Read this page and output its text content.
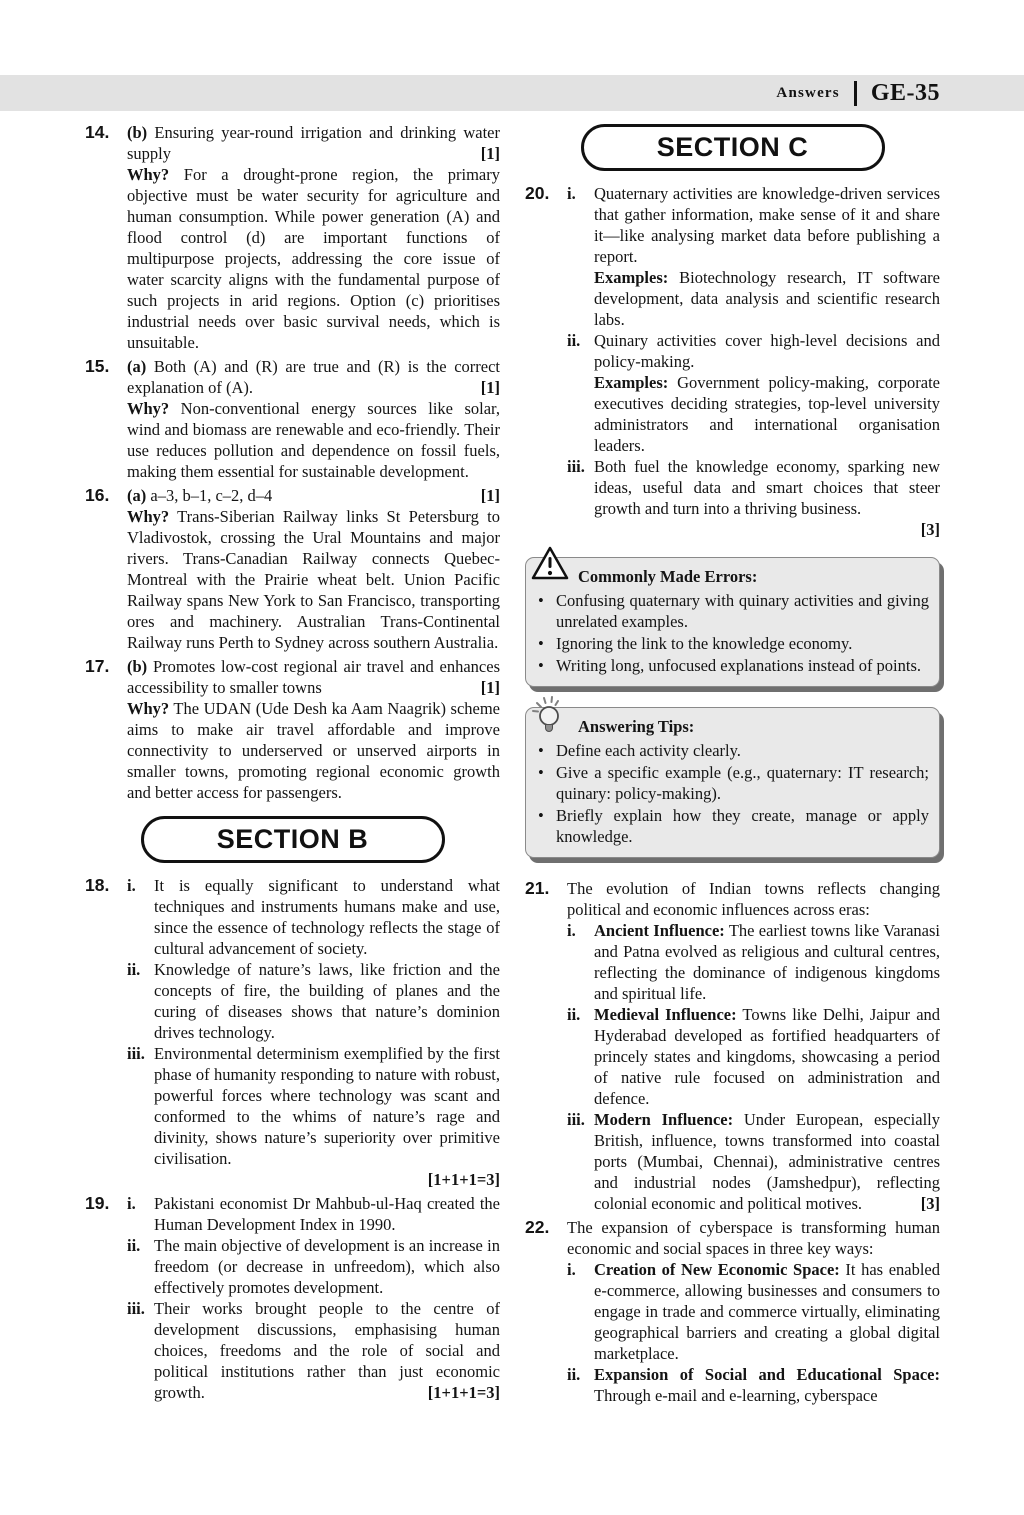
Answers GE-35
14.	(b) Ensuring year-round irrigation and drinking water supply	[1]

Why? For a drought-prone region, the primary objective must be water security for agriculture and human consumption. While power generation (A) and flood control (d) are important functions of multipurpose projects, addressing the core issue of water scarcity aligns with the fundamental purpose of such projects in arid regions. Option (c) prioritises industrial needs over basic survival needs, which is unsuitable.

15.	(a) Both (A) and (R) are true and (R) is the correct explanation of (A).	[1]

Why? Non-conventional energy sources like solar, wind and biomass are renewable and eco-friendly. Their use reduces pollution and dependence on fossil fuels, making them essential for sustainable development.

16.	(a) a–3, b–1, c–2, d–4	[1]

Why? Trans-Siberian Railway links St Petersburg to Vladivostok, crossing the Ural Mountains and major rivers. Trans-Canadian Railway connects Quebec-Montreal with the Prairie wheat belt. Union Pacific Railway spans New York to San Francisco, transporting ores and machinery. Australian Trans-Continental Railway runs Perth to Sydney across southern Australia.

17.	(b) Promotes low-cost regional air travel and enhances accessibility to smaller towns	[1]

Why? The UDAN (Ude Desh ka Aam Naagrik) scheme aims to make air travel affordable and improve connectivity to underserved or unserved airports in smaller towns, promoting regional economic growth and better access for passengers.

SECTION B
18.	i.	It is equally significant to understand what techniques and instruments humans make and use, since the essence of technology reflects the stage of cultural advancement of society.
ii. Knowledge of nature’s laws, like friction and the concepts of fire, the building of planes and the curing of diseases shows that nature’s dominion drives technology.
iii. Environmental determinism exemplified by the first phase of humanity responding to nature with robust, powerful forces where technology was scant and conformed to the whims of nature’s rage and divinity, shows nature’s superiority over primitive civilisation.
[1+1+1=3]
19.	i.	Pakistani economist Dr Mahbub-ul-Haq created the Human Development Index in 1990.
ii. The main objective of development is an increase in freedom (or decrease in unfreedom), which also effectively promotes development.
iii. Their works brought people to the centre of development discussions, emphasising human choices, freedoms and the role of social and political institutions rather than just economic growth.	[1+1+1=3]
SECTION C
20.	i.	Quaternary activities are knowledge-driven services that gather information, make sense of it and share it—like analysing market data before publishing a report.

Examples: Biotechnology research, IT software development, data analysis and scientific research labs.

ii. Quinary activities cover high-level decisions and policy-making.

Examples: Government policy-making, corporate executives deciding strategies, top-level university administrators and international organisation leaders.

iii. Both fuel the knowledge economy, sparking new ideas, useful data and smart choices that steer growth and turn into a thriving business.
[3]
Commonly Made Errors:
• Confusing quaternary with quinary activities and giving unrelated examples.
• Ignoring the link to the knowledge economy.
• Writing long, unfocused explanations instead of points.
Answering Tips:
• Define each activity clearly.
• Give a specific example (e.g., quaternary: IT research; quinary: policy-making).
• Briefly explain how they create, manage or apply knowledge.
21.	The evolution of Indian towns reflects changing political and economic influences across eras:

i.	Ancient Influence: The earliest towns like Varanasi and Patna evolved as religious and cultural centres, reflecting the dominance of indigenous kingdoms and spiritual life.
ii. Medieval Influence: Towns like Delhi, Jaipur and Hyderabad developed as fortified headquarters of princely states and kingdoms, showcasing a period of native rule focused on administration and defence.
iii. Modern Influence: Under European, especially British, influence, towns transformed into coastal ports (Mumbai, Chennai), administrative centres and industrial nodes (Jamshedpur), reflecting colonial economic and political motives.	[3]
22.	The expansion of cyberspace is transforming human economic and social spaces in three key ways:

i.	Creation of New Economic Space: It has enabled e-commerce, allowing businesses and consumers to engage in trade and commerce virtually, eliminating geographical barriers and creating a global digital marketplace.
ii. Expansion of Social and Educational Space: Through e-mail and e-learning, cyberspace
